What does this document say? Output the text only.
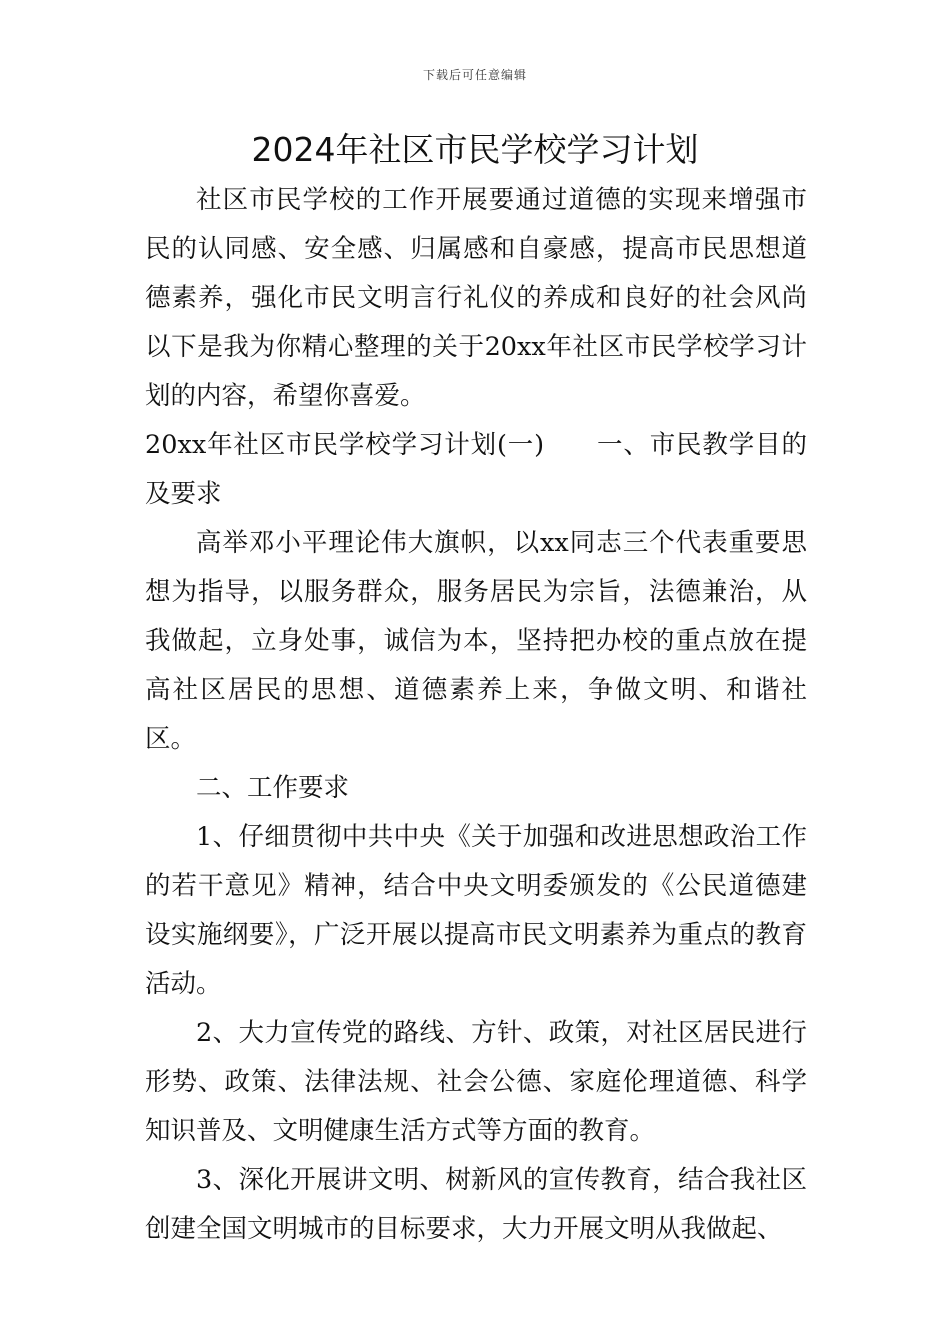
下载后可任意编辑
2024年社区市民学校学习计划

社区市民学校的工作开展要通过道德的实现来增强市民的认同感、安全感、归属感和自豪感，提高市民思想道德素养，强化市民文明言行礼仪的养成和良好的社会风尚以下是我为你精心整理的关于20xx年社区市民学校学习计划的内容，希望你喜爱。

20xx年社区市民学校学习计划(一) 一、市民教学目的及要求

高举邓小平理论伟大旗帜，以xx同志三个代表重要思想为指导，以服务群众，服务居民为宗旨，法德兼治，从我做起，立身处事，诚信为本，坚持把办校的重点放在提高社区居民的思想、道德素养上来，争做文明、和谐社区。

二、工作要求

1、仔细贯彻中共中央《关于加强和改进思想政治工作的若干意见》精神，结合中央文明委颁发的《公民道德建设实施纲要》，广泛开展以提高市民文明素养为重点的教育活动。

2、大力宣传党的路线、方针、政策，对社区居民进行形势、政策、法律法规、社会公德、家庭伦理道德、科学知识普及、文明健康生活方式等方面的教育。

3、深化开展讲文明、树新风的宣传教育，结合我社区创建全国文明城市的目标要求，大力开展文明从我做起、
